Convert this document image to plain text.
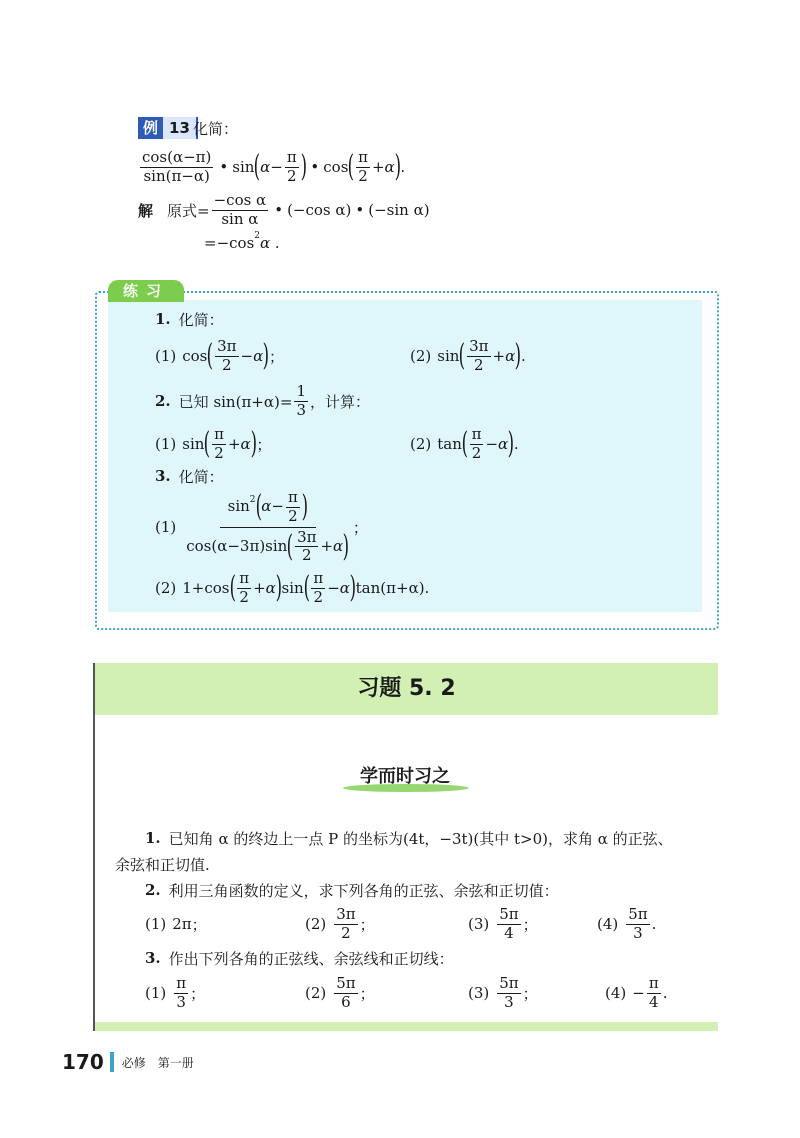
例 13 化简：
$\frac{\cos(\alpha-\pi)}{\sin(\pi-\alpha)}$ • sin ( $\alpha- \frac{\pi}{2}$ ) • cos ( $\frac{\pi}{2} +\alpha$ ) .
解 原式= $\frac{\text{−cos α}}{\text{sin α}}$ • (−cos α) • (−sin α)
=−cos 2 α .
练习
1. 化简：
(1) cos ( $\frac{3\pi}{2} -\alpha$ ) ；	(2) sin ( $\frac{3\pi}{2} +\alpha$ ) .
2. 已知 $\sin(\pi+\alpha)= \frac{1}{3}$ ，计算：
(1) sin ( $\frac{\pi}{2} +\alpha$ ) ；	(2) tan ( $\frac{\pi}{2} -\alpha$ ) .
3. 化简：
$(1) \frac{\sin 2 ( \alpha- \frac{\pi}{2} )}{\cos(\alpha-3\pi)\sin ( \frac{3\pi}{2} +\alpha )}$ ；
(2) 1+cos ( $\frac{\pi}{2} +\alpha$ ) sin ( $\frac{\pi}{2} -\alpha$ ) tan(π+α).
习题 5. 2
学而时习之
1. 已知角 α 的终边上一点 P 的坐标为(4t，−3t)(其中 t>0)，求角 α 的正弦、
余弦和正切值.
2. 利用三角函数的定义，求下列各角的正弦、余弦和正切值：
(1) 2π ；	$(2) \frac{3\pi}{2}$ ；	$(3) \frac{5\pi}{4}$ ；	$(4) \frac{5\pi}{3}$ .
3. 作出下列各角的正弦线、余弦线和正切线：
$(1) \frac{\pi}{3}$ ；	$(2) \frac{5\pi}{6}$ ；	$(3) \frac{5\pi}{3}$ ；	$(4) - \frac{\pi}{4}$ .
170 必修　第一册
